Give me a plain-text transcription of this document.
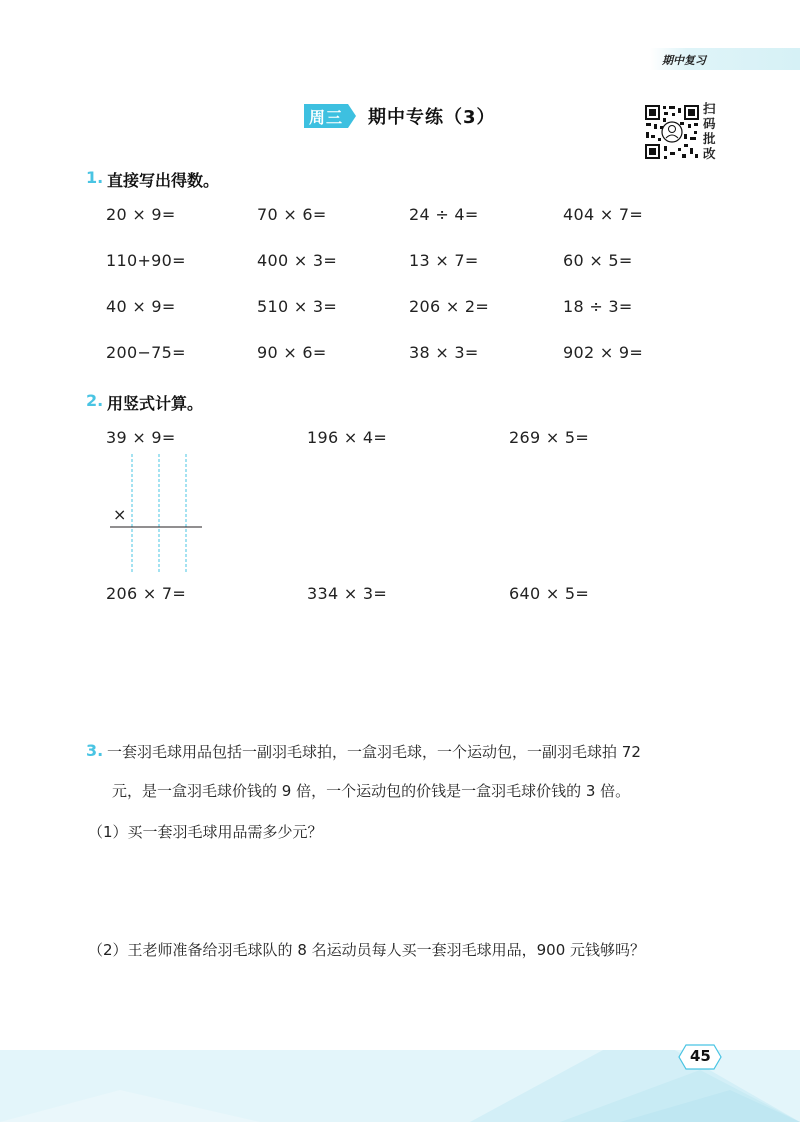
期中复习
周三 期中专练（3）	扫
码
批
改
1. 直接写出得数。
20 × 9=	70 × 6=	24 ÷ 4=	404 × 7=
110+90=	400 × 3=	13 × 7=	60 × 5=
40 × 9=	510 × 3=	206 × 2=	18 ÷ 3=
200−75=	90 × 6=	38 × 3=	902 × 9=
2. 用竖式计算。
39 × 9=	196 × 4=	269 × 5=
×
206 × 7=	334 × 3=	640 × 5=
3. 一套羽毛球用品包括一副羽毛球拍，一盒羽毛球，一个运动包，一副羽毛球拍 72
元，是一盒羽毛球价钱的 9 倍，一个运动包的价钱是一盒羽毛球价钱的 3 倍。
（1）买一套羽毛球用品需多少元？
（2）王老师准备给羽毛球队的 8 名运动员每人买一套羽毛球用品，900 元钱够吗？
45
